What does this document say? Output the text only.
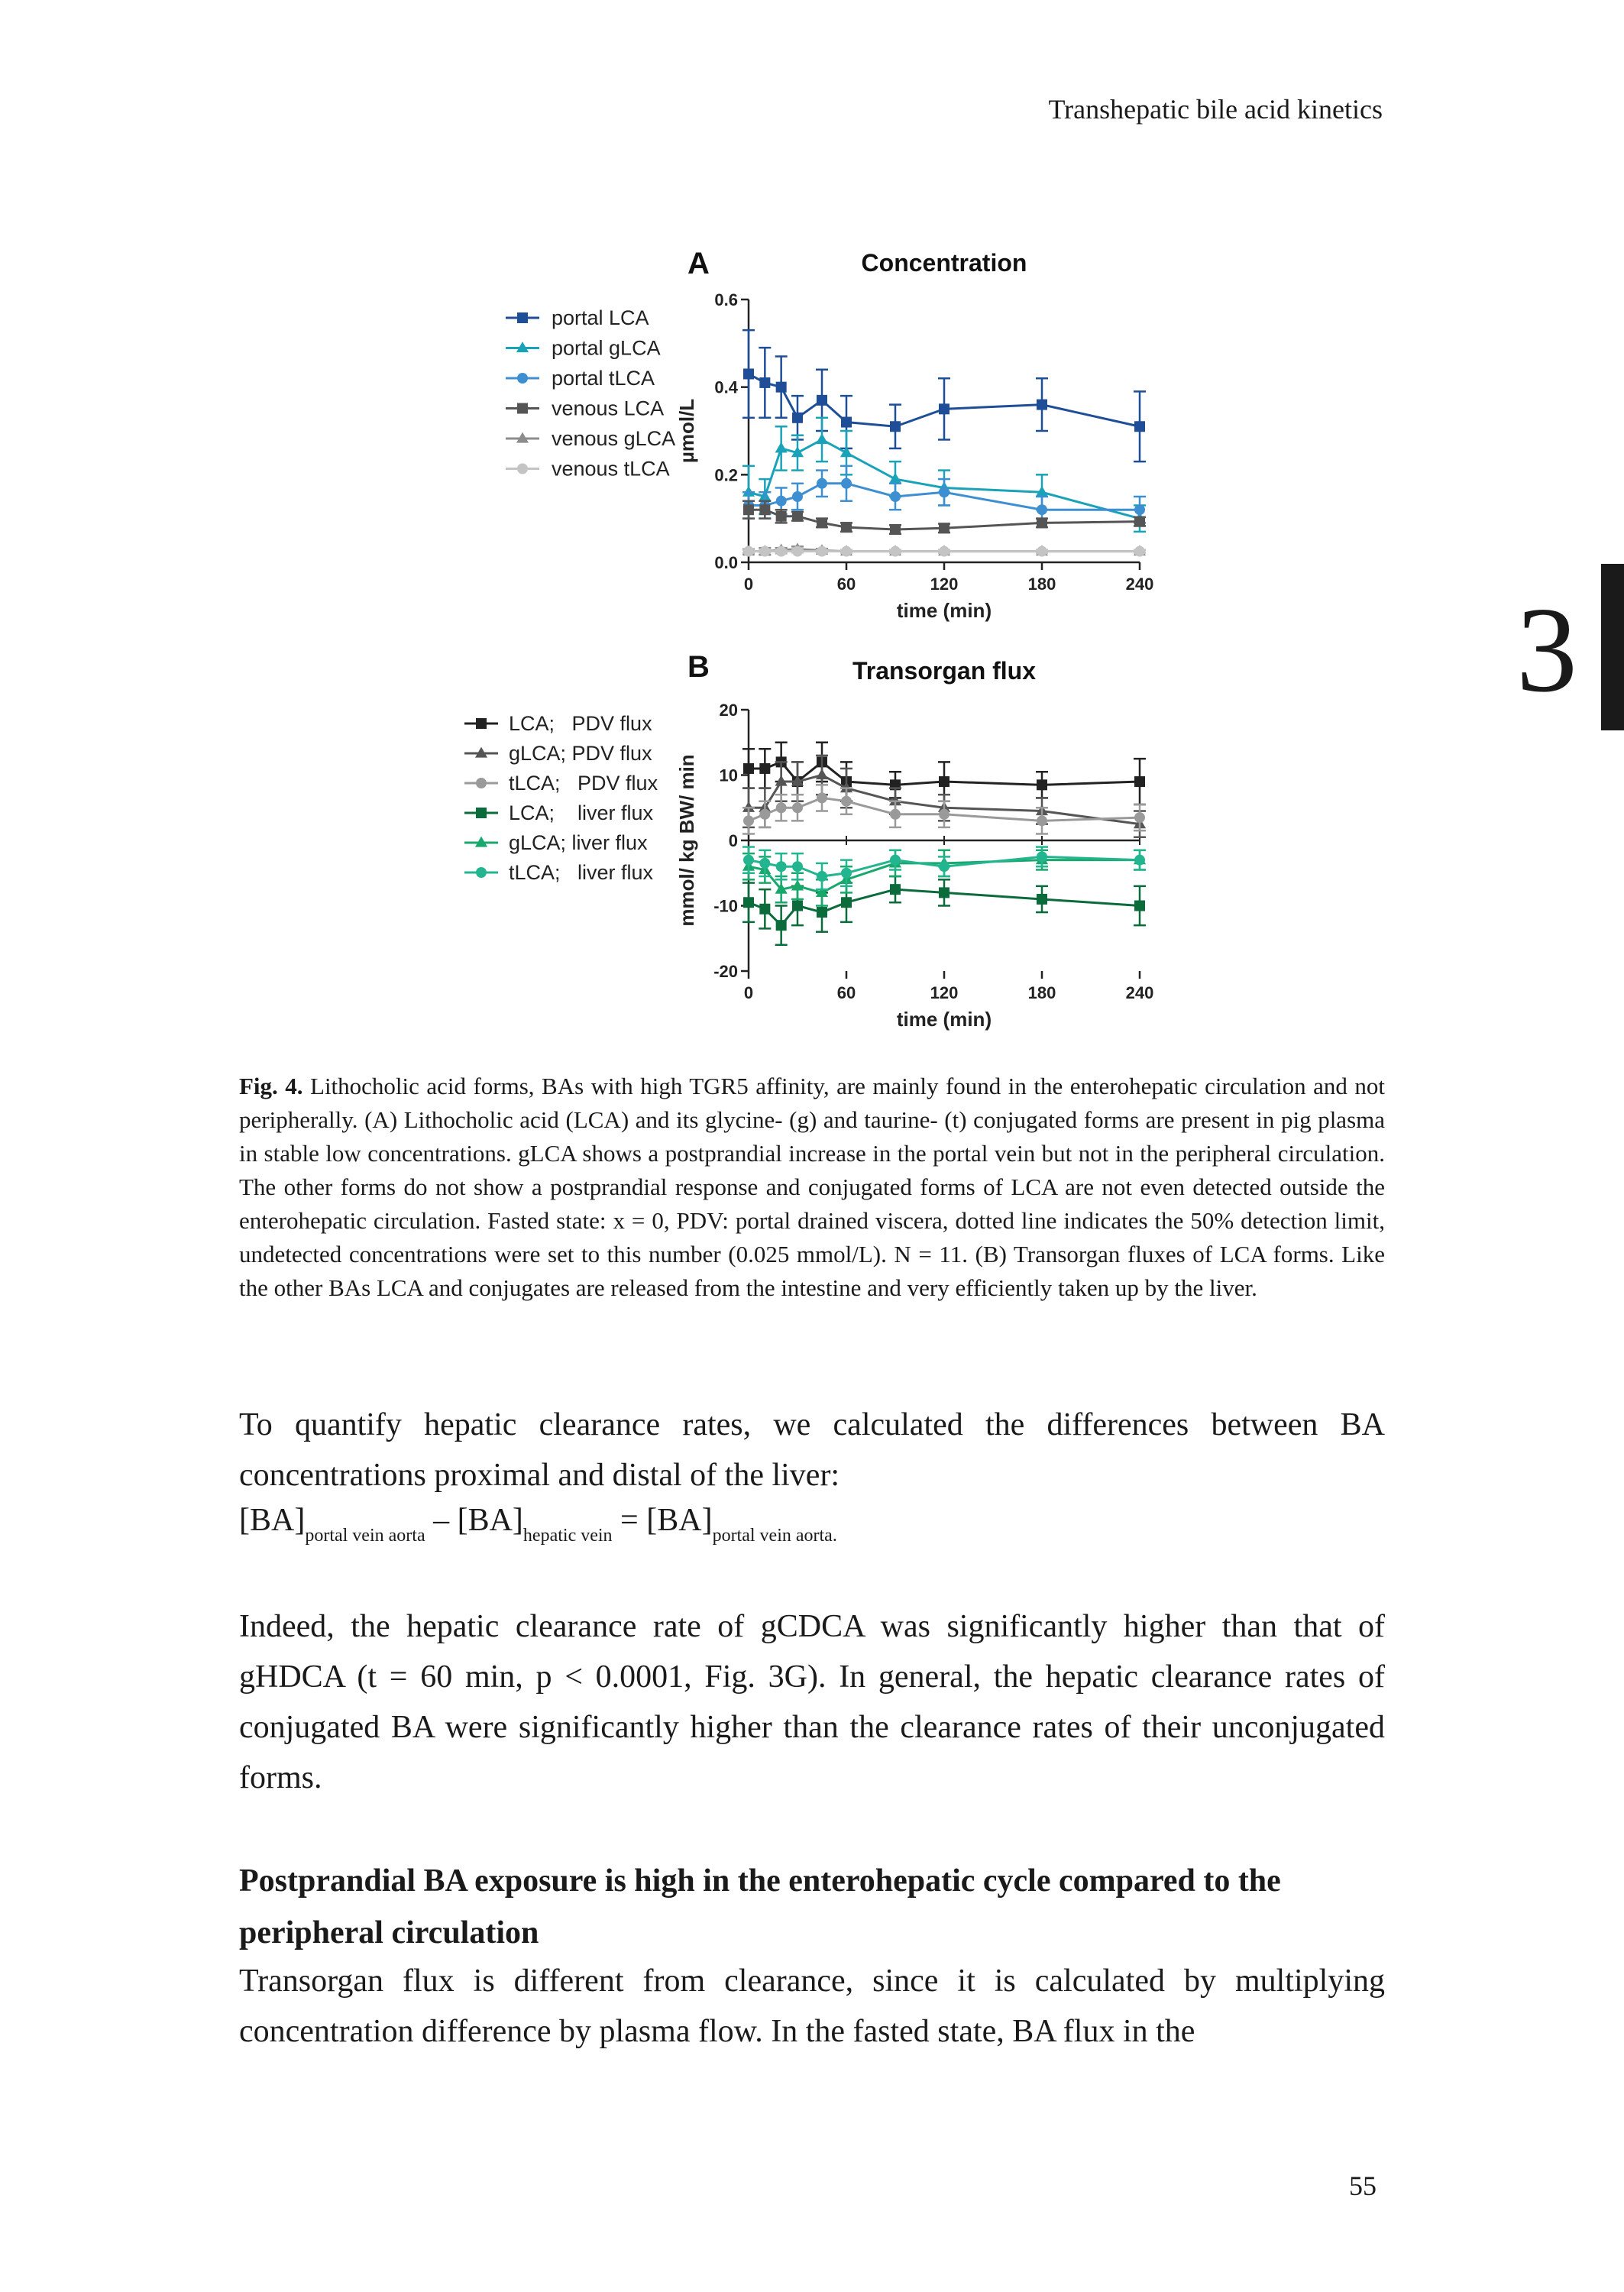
Transhepatic bile acid kinetics
3
A	Concentration
0.0
0.2
0.4
0.6
0	60	120	180	240
time (min)
µmol/L
portal LCA
portal gLCA
portal tLCA
venous LCA
venous gLCA
venous tLCA
B	Transorgan flux
-20
-10
0
10
20
0	60	120	180	240
time (min)
mmol/ kg BW/ min
LCA;   PDV flux
gLCA; PDV flux
tLCA;   PDV flux
LCA;    liver flux
gLCA; liver flux
tLCA;   liver flux
Fig. 4. Lithocholic acid forms, BAs with high TGR5 affinity, are mainly found in the enterohepatic circulation and not peripherally. (A) Lithocholic acid (LCA) and its glycine- (g) and taurine- (t) conjugated forms are present in pig plasma in stable low concentrations. gLCA shows a postprandial increase in the portal vein but not in the peripheral circulation. The other forms do not show a postprandial response and conjugated forms of LCA are not even detected outside the enterohepatic circulation. Fasted state: x = 0, PDV: portal drained viscera, dotted line indicates the 50% detection limit, undetected concentrations were set to this number (0.025 mmol/L). N = 11. (B) Transorgan fluxes of LCA forms. Like the other BAs LCA and conjugates are released from the intestine and very efficiently taken up by the liver.
To quantify hepatic clearance rates, we calculated the differences between BA concentrations proximal and distal of the liver:
$[BA]_{portal vein aorta} - [BA]_{hepatic vein} = [BA]_{portal vein aorta.}$
Indeed, the hepatic clearance rate of gCDCA was significantly higher than that of gHDCA (t = 60 min, p < 0.0001, Fig. 3G). In general, the hepatic clearance rates of conjugated BA were significantly higher than the clearance rates of their unconjugated forms.
Postprandial BA exposure is high in the enterohepatic cycle compared to the peripheral circulation
Transorgan flux is different from clearance, since it is calculated by multiplying concentration difference by plasma flow. In the fasted state, BA flux in the
55
